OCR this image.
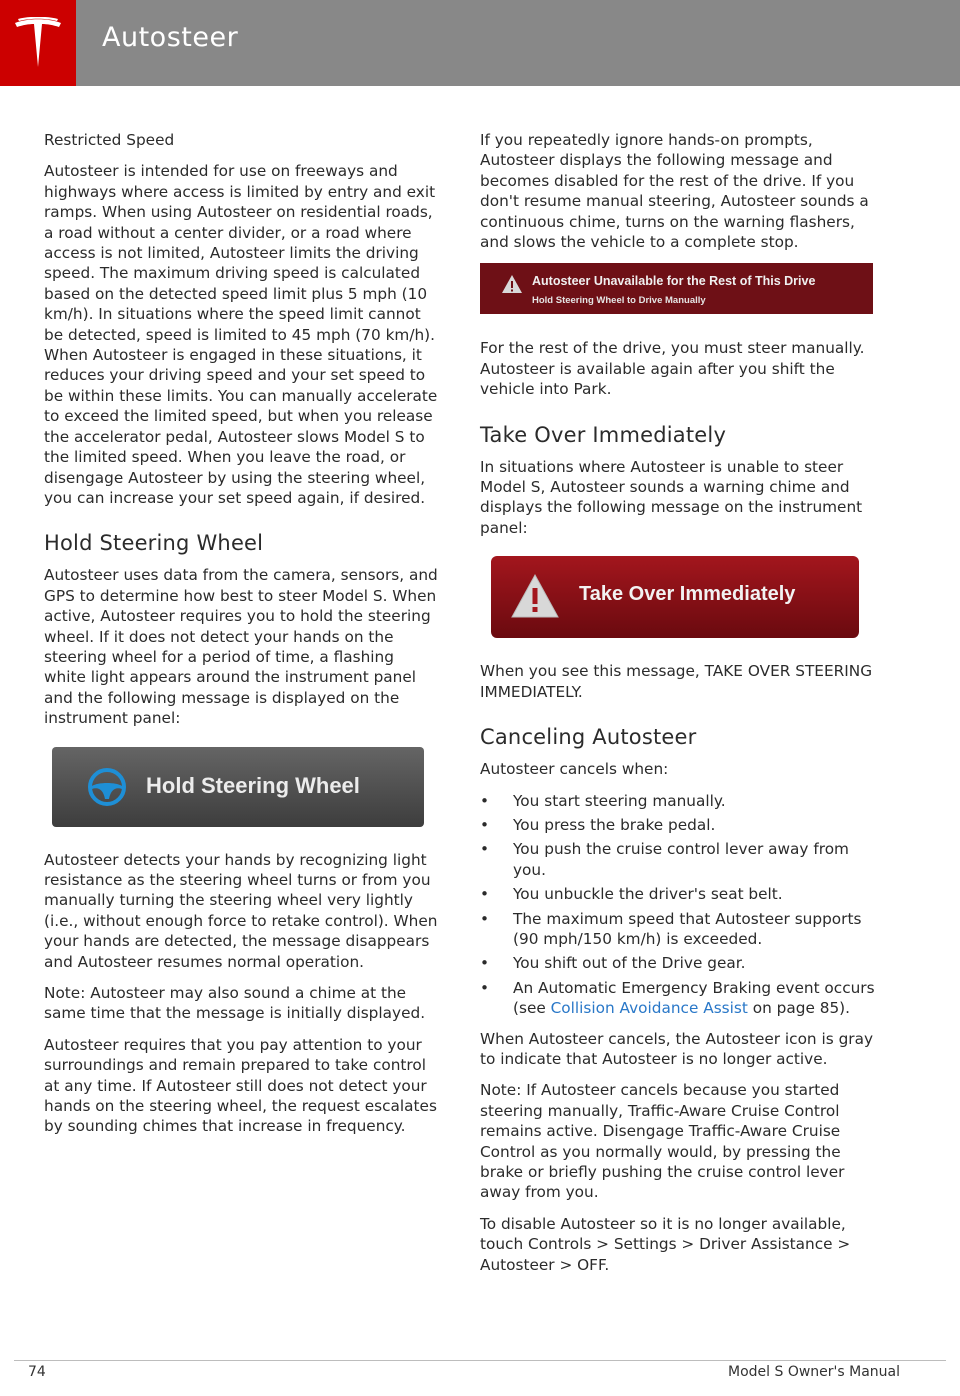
Autosteer

Restricted Speed

Autosteer is intended for use on freeways and highways where access is limited by entry and exit ramps. When using Autosteer on residential roads, a road without a center divider, or a road where access is not limited, Autosteer limits the driving speed. The maximum driving speed is calculated based on the detected speed limit plus 5 mph (10 km/h). In situations where the speed limit cannot be detected, speed is limited to 45 mph (70 km/h). When Autosteer is engaged in these situations, it reduces your driving speed and your set speed to be within these limits. You can manually accelerate to exceed the limited speed, but when you release the accelerator pedal, Autosteer slows Model S to the limited speed. When you leave the road, or disengage Autosteer by using the steering wheel, you can increase your set speed again, if desired.

Hold Steering Wheel

Autosteer uses data from the camera, sensors, and GPS to determine how best to steer Model S. When active, Autosteer requires you to hold the steering wheel. If it does not detect your hands on the steering wheel for a period of time, a flashing white light appears around the instrument panel and the following message is displayed on the instrument panel:

Hold Steering Wheel

Autosteer detects your hands by recognizing light resistance as the steering wheel turns or from you manually turning the steering wheel very lightly (i.e., without enough force to retake control). When your hands are detected, the message disappears and Autosteer resumes normal operation.

Note: Autosteer may also sound a chime at the same time that the message is initially displayed.

Autosteer requires that you pay attention to your surroundings and remain prepared to take control at any time. If Autosteer still does not detect your hands on the steering wheel, the request escalates by sounding chimes that increase in frequency.

If you repeatedly ignore hands-on prompts, Autosteer displays the following message and becomes disabled for the rest of the drive. If you don't resume manual steering, Autosteer sounds a continuous chime, turns on the warning flashers, and slows the vehicle to a complete stop.

Autosteer Unavailable for the Rest of This Drive
Hold Steering Wheel to Drive Manually

For the rest of the drive, you must steer manually. Autosteer is available again after you shift the vehicle into Park.

Take Over Immediately

In situations where Autosteer is unable to steer Model S, Autosteer sounds a warning chime and displays the following message on the instrument panel:

Take Over Immediately

When you see this message, TAKE OVER STEERING IMMEDIATELY.

Canceling Autosteer

Autosteer cancels when:

• You start steering manually.
• You press the brake pedal.
• You push the cruise control lever away from you.
• You unbuckle the driver's seat belt.
• The maximum speed that Autosteer supports (90 mph/150 km/h) is exceeded.
• You shift out of the Drive gear.
• An Automatic Emergency Braking event occurs (see Collision Avoidance Assist on page 85).

When Autosteer cancels, the Autosteer icon is gray to indicate that Autosteer is no longer active.

Note: If Autosteer cancels because you started steering manually, Traffic-Aware Cruise Control remains active. Disengage Traffic-Aware Cruise Control as you normally would, by pressing the brake or briefly pushing the cruise control lever away from you.

To disable Autosteer so it is no longer available, touch Controls > Settings > Driver Assistance > Autosteer > OFF.

74	Model S Owner's Manual
